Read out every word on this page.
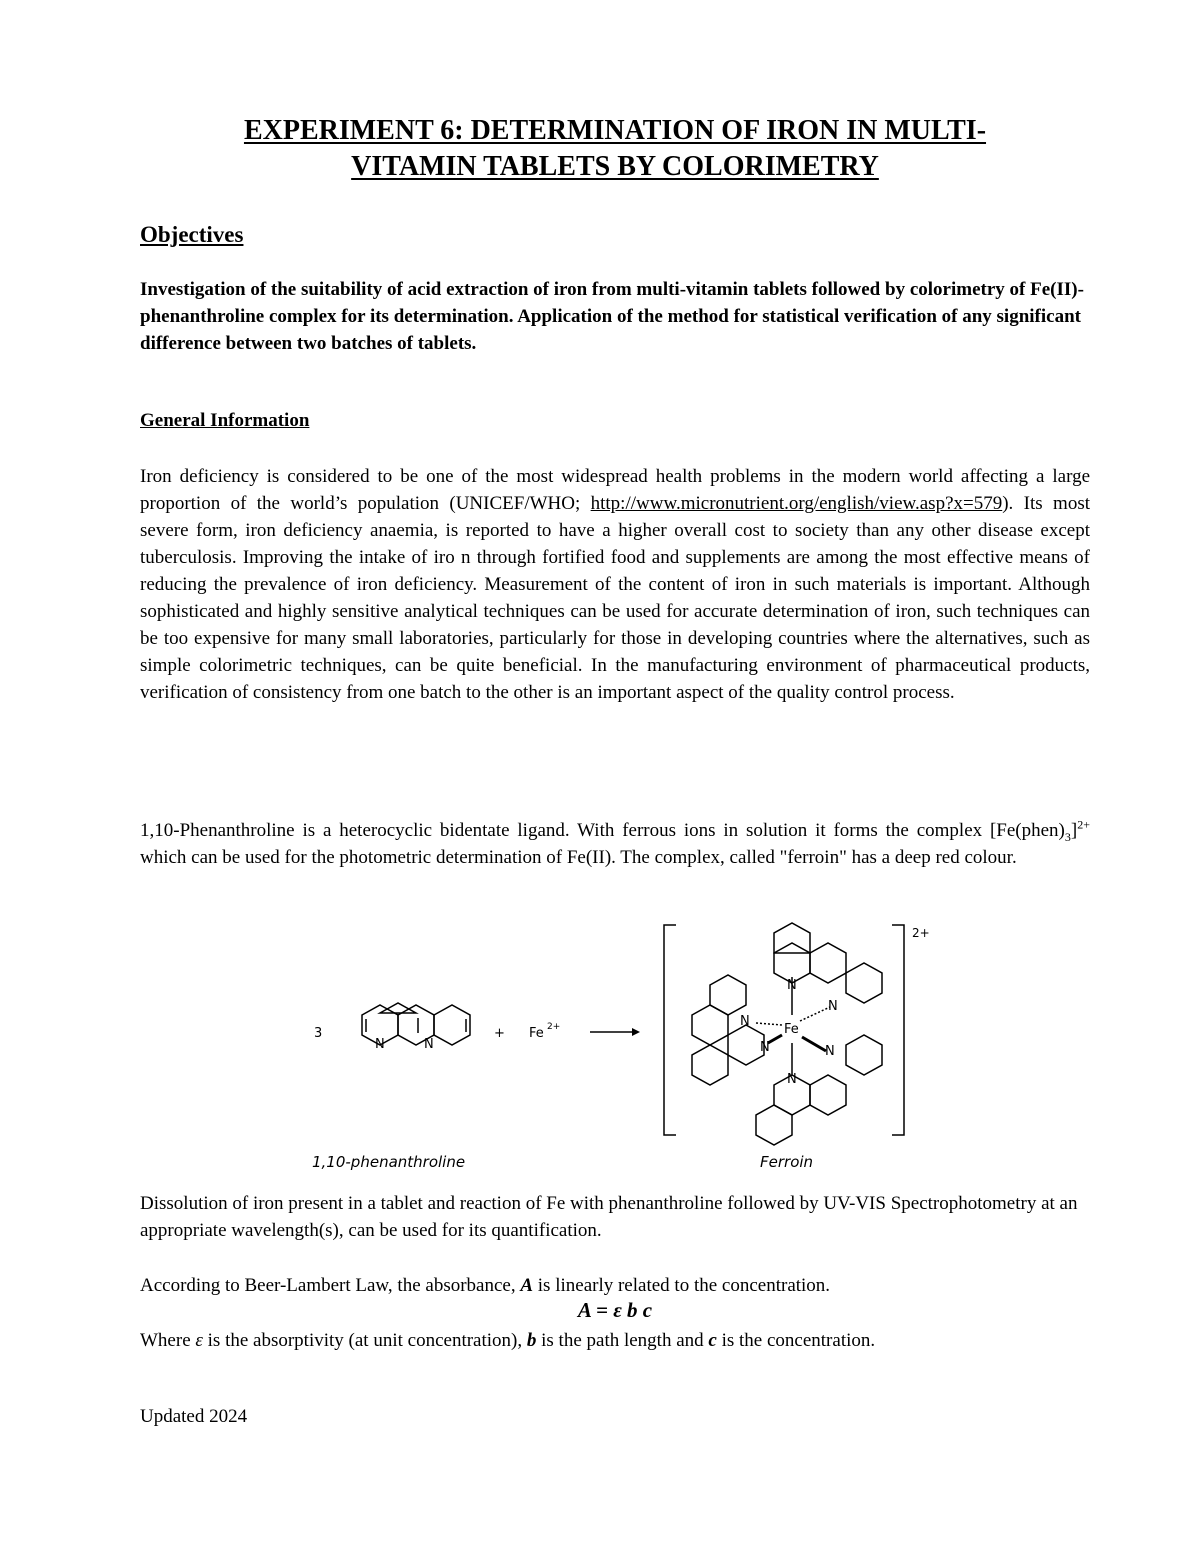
EXPERIMENT 6: DETERMINATION OF IRON IN MULTI-
VITAMIN TABLETS BY COLORIMETRY
Objectives

Investigation of the suitability of acid extraction of iron from multi-vitamin tablets followed by colorimetry of Fe(II)-phenanthroline complex for its determination. Application of the method for statistical verification of any significant difference between two batches of tablets.

General Information

Iron deficiency is considered to be one of the most widespread health problems in the modern world affecting a large proportion of the world’s population (UNICEF/WHO; http://www.micronutrient.org/english/view.asp?x=579). Its most severe form, iron deficiency anaemia, is reported to have a higher overall cost to society than any other disease except tuberculosis. Improving the intake of iro n through fortified food and supplements are among the most effective means of reducing the prevalence of iron deficiency. Measurement of the content of iron in such materials is important. Although sophisticated and highly sensitive analytical techniques can be used for accurate determination of iron, such techniques can be too expensive for many small laboratories, particularly for those in developing countries where the alternatives, such as simple colorimetric techniques, can be quite beneficial. In the manufacturing environment of pharmaceutical products, verification of consistency from one batch to the other is an important aspect of the quality control process.

1,10-Phenanthroline is a heterocyclic bidentate ligand. With ferrous ions in solution it forms the complex $[Fe(phen)_3]^{2+}$ which can be used for the photometric determination of Fe(II). The complex, called "ferroin" has a deep red colour.

3
N	N
+ Fe 2+
2+
Fe
N
N
N
N	N
N
1,10-phenanthroline	Ferroin

Dissolution of iron present in a tablet and reaction of Fe with phenanthroline followed by UV-VIS Spectrophotometry at an appropriate wavelength(s), can be used for its quantification.

According to Beer-Lambert Law, the absorbance, A is linearly related to the concentration.

A = ε b c

Where ε is the absorptivity (at unit concentration), b is the path length and c is the concentration.

Updated 2024
